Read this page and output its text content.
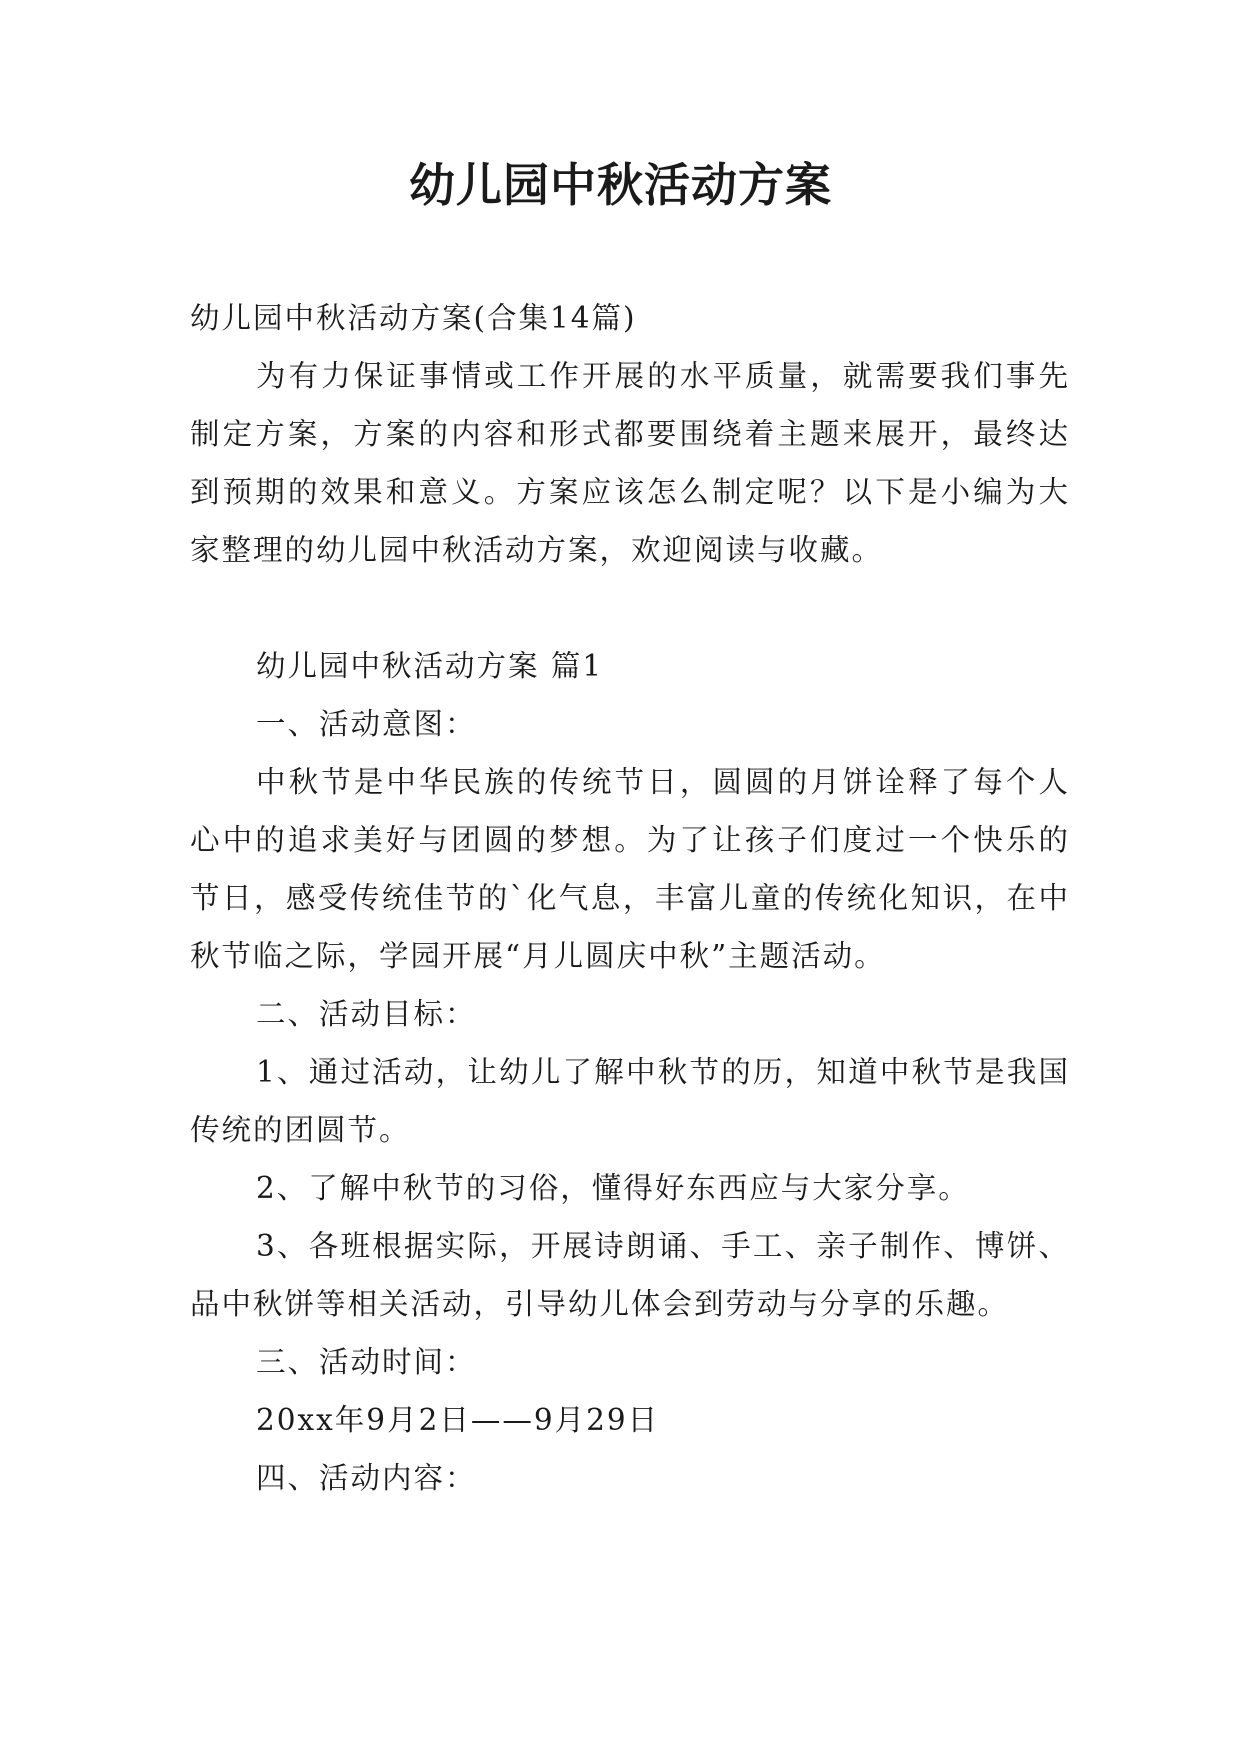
幼儿园中秋活动方案

幼儿园中秋活动方案(合集14篇)

为有力保证事情或工作开展的水平质量，就需要我们事先制定方案，方案的内容和形式都要围绕着主题来展开，最终达到预期的效果和意义。方案应该怎么制定呢？以下是小编为大家整理的幼儿园中秋活动方案，欢迎阅读与收藏。

幼儿园中秋活动方案 篇1

一、活动意图：

中秋节是中华民族的传统节日，圆圆的月饼诠释了每个人心中的追求美好与团圆的梦想。为了让孩子们度过一个快乐的节日，感受传统佳节的`化气息，丰富儿童的传统化知识，在中秋节临之际，学园开展“月儿圆庆中秋”主题活动。

二、活动目标：

1、通过活动，让幼儿了解中秋节的历，知道中秋节是我国传统的团圆节。

2、了解中秋节的习俗，懂得好东西应与大家分享。

3、各班根据实际，开展诗朗诵、手工、亲子制作、博饼、品中秋饼等相关活动，引导幼儿体会到劳动与分享的乐趣。

三、活动时间：

20xx年9月2日——9月29日

四、活动内容：
